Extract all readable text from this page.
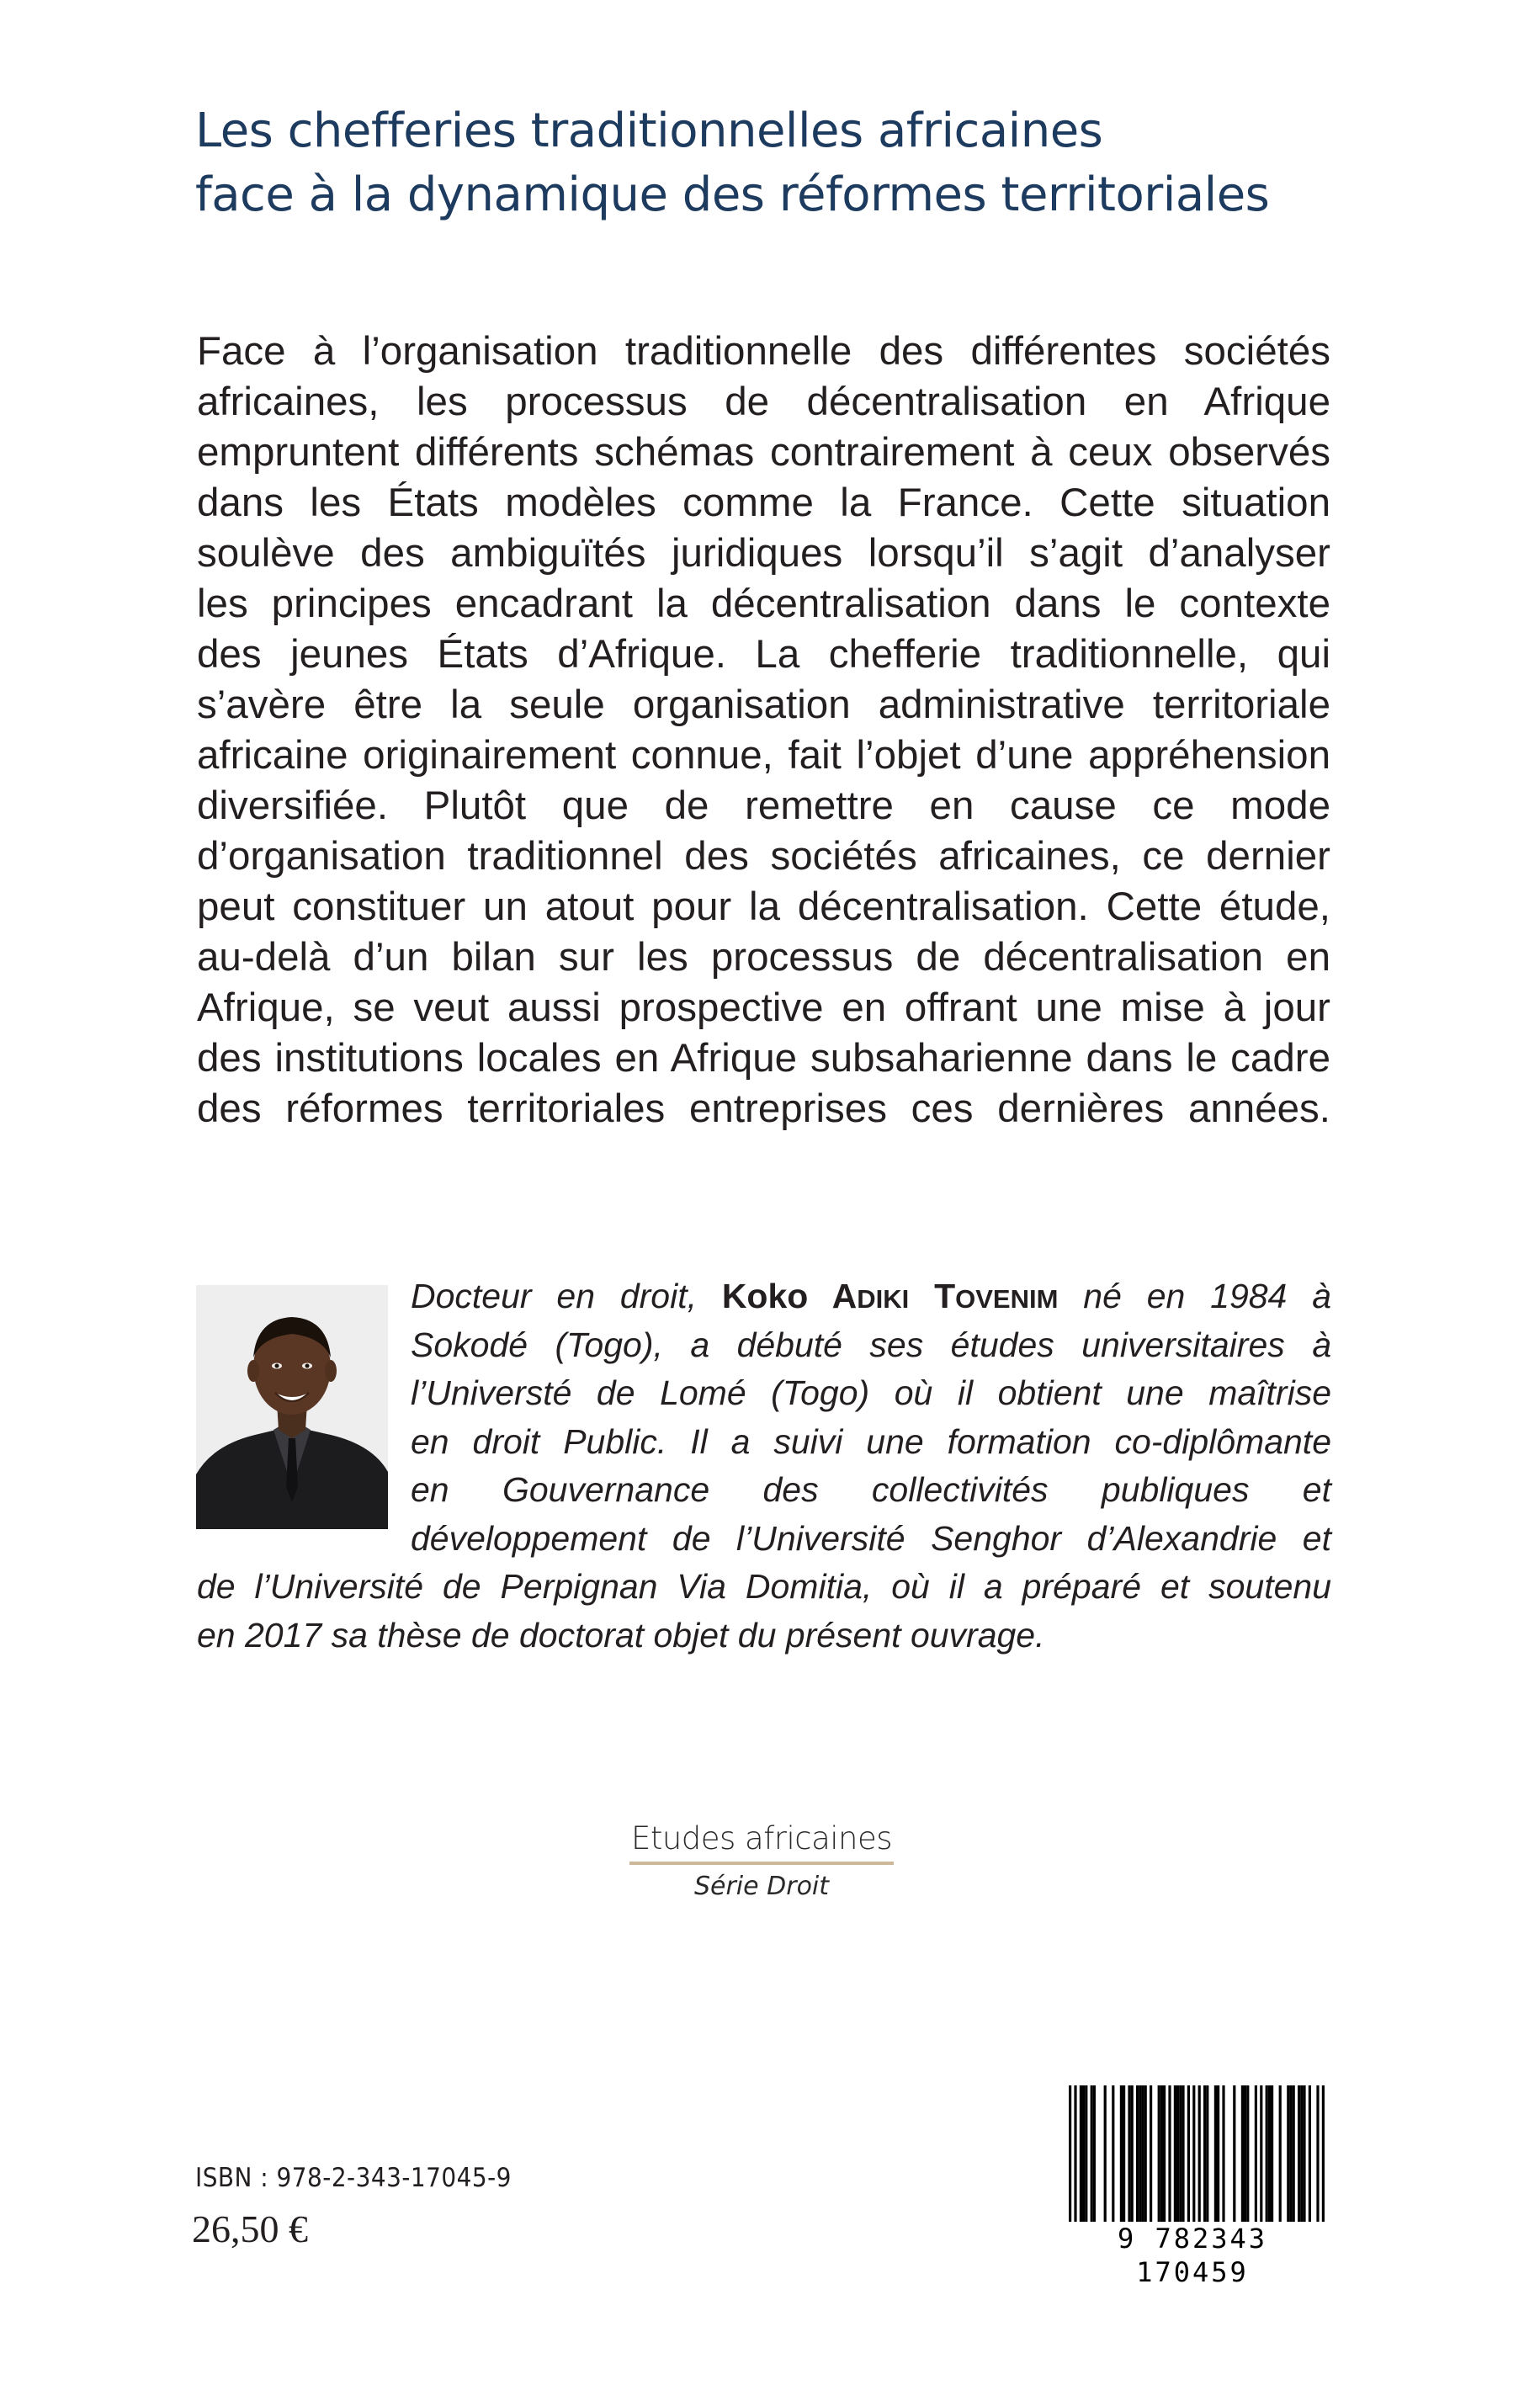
Les chefferies traditionnelles africaines
face à la dynamique des réformes territoriales
Face à l’organisation traditionnelle des différentes sociétés
africaines, les processus de décentralisation en Afrique
empruntent différents schémas contrairement à ceux observés
dans les États modèles comme la France. Cette situation
soulève des ambiguïtés juridiques lorsqu’il s’agit d’analyser
les principes encadrant la décentralisation dans le contexte
des jeunes États d’Afrique. La chefferie traditionnelle, qui
s’avère être la seule organisation administrative territoriale
africaine originairement connue, fait l’objet d’une appréhension
diversifiée. Plutôt que de remettre en cause ce mode
d’organisation traditionnel des sociétés africaines, ce dernier
peut constituer un atout pour la décentralisation. Cette étude,
au-delà d’un bilan sur les processus de décentralisation en
Afrique, se veut aussi prospective en offrant une mise à jour
des institutions locales en Afrique subsaharienne dans le cadre
des réformes territoriales entreprises ces dernières années.
Docteur en droit, Koko ADIKI TOVENIM né en 1984 à
Sokodé (Togo), a débuté ses études universitaires à
l’Universté de Lomé (Togo) où il obtient une maîtrise
en droit Public. Il a suivi une formation co-diplômante
en Gouvernance des collectivités publiques et
développement de l’Université Senghor d’Alexandrie et
de l’Université de Perpignan Via Domitia, où il a préparé et soutenu
en 2017 sa thèse de doctorat objet du présent ouvrage.
Etudes africaines
Série Droit
ISBN : 978-2-343-17045-9
26,50 €	9 782343 170459
